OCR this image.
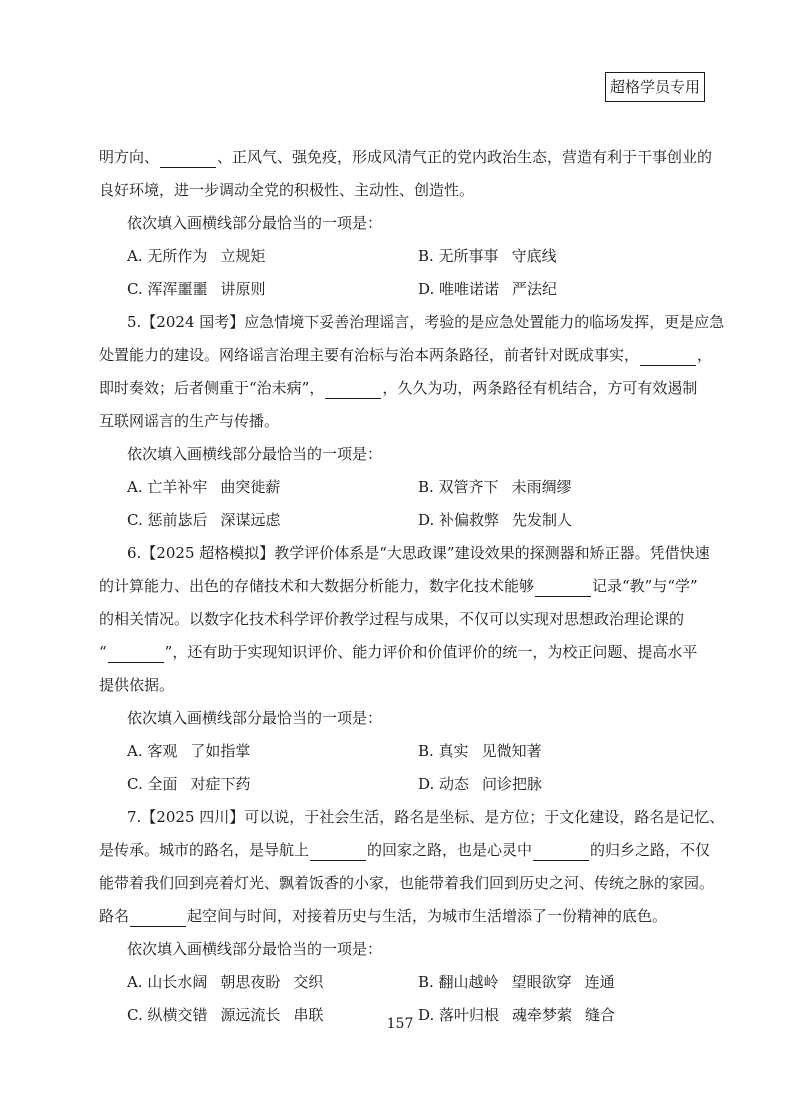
超格学员专用
明方向、	、正风气、强免疫，形成风清气正的党内政治生态，营造有利于干事创业的
良好环境，进一步调动全党的积极性、主动性、创造性。
依次填入画横线部分最恰当的一项是：
A. 无所作为 立规矩	B. 无所事事 守底线
C. 浑浑噩噩 讲原则	D. 唯唯诺诺 严法纪
5.【2024 国考】应急情境下妥善治理谣言，考验的是应急处置能力的临场发挥，更是应急
处置能力的建设。网络谣言治理主要有治标与治本两条路径，前者针对既成事实，	，
即时奏效；后者侧重于“治未病”，	，久久为功，两条路径有机结合，方可有效遏制
互联网谣言的生产与传播。
依次填入画横线部分最恰当的一项是：
A. 亡羊补牢 曲突徙薪	B. 双管齐下 未雨绸缪
C. 惩前毖后 深谋远虑	D. 补偏救弊 先发制人
6.【2025 超格模拟】教学评价体系是“大思政课”建设效果的探测器和矫正器。凭借快速
的计算能力、出色的存储技术和大数据分析能力，数字化技术能够	记录“教”与“学”
的相关情况。以数字化技术科学评价教学过程与成果，不仅可以实现对思想政治理论课的
“	”，还有助于实现知识评价、能力评价和价值评价的统一，为校正问题、提高水平
提供依据。
依次填入画横线部分最恰当的一项是：
A. 客观 了如指掌	B. 真实 见微知著
C. 全面 对症下药	D. 动态 问诊把脉
7.【2025 四川】可以说，于社会生活，路名是坐标、是方位；于文化建设，路名是记忆、
是传承。城市的路名，是导航上	的回家之路，也是心灵中	的归乡之路，不仅
能带着我们回到亮着灯光、飘着饭香的小家，也能带着我们回到历史之河、传统之脉的家园。
路名	起空间与时间，对接着历史与生活，为城市生活增添了一份精神的底色。
依次填入画横线部分最恰当的一项是：
A. 山长水阔 朝思夜盼 交织	B. 翻山越岭 望眼欲穿 连通
C. 纵横交错 源远流长 串联	D. 落叶归根 魂牵梦萦 缝合
157
